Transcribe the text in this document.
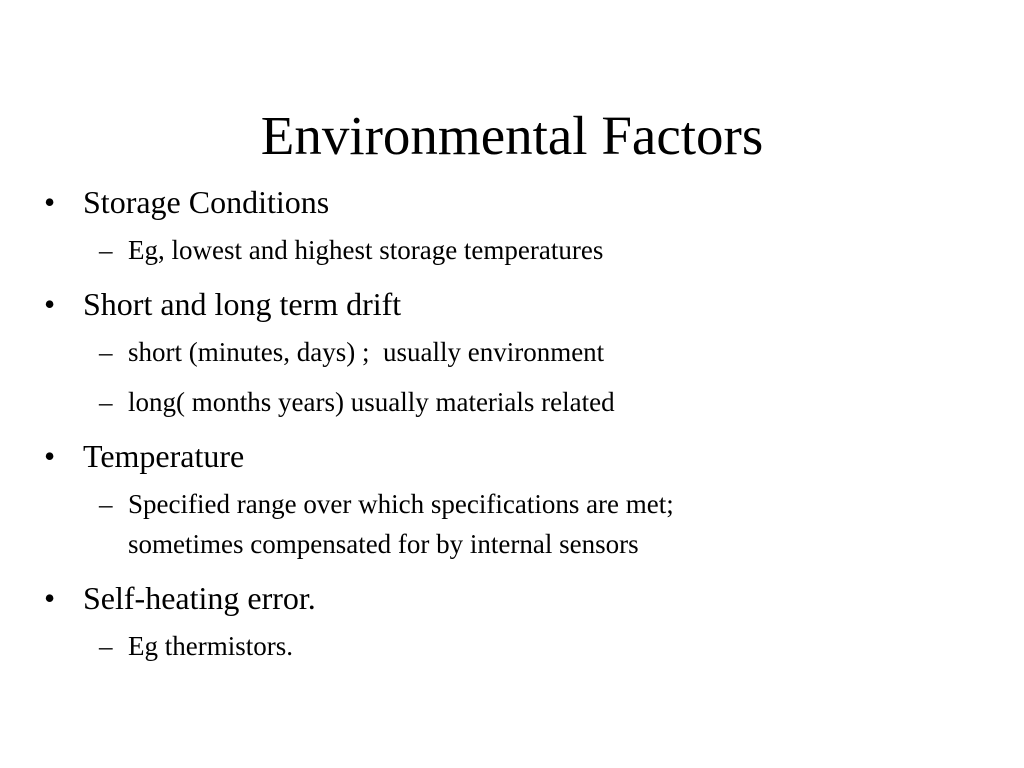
Environmental Factors
• Storage Conditions
– Eg, lowest and highest storage temperatures
• Short and long term drift
– short (minutes, days) ;  usually environment
– long( months years) usually materials related
• Temperature
– Specified range over which specifications are met;
sometimes compensated for by internal sensors
• Self-heating error.
– Eg thermistors.
